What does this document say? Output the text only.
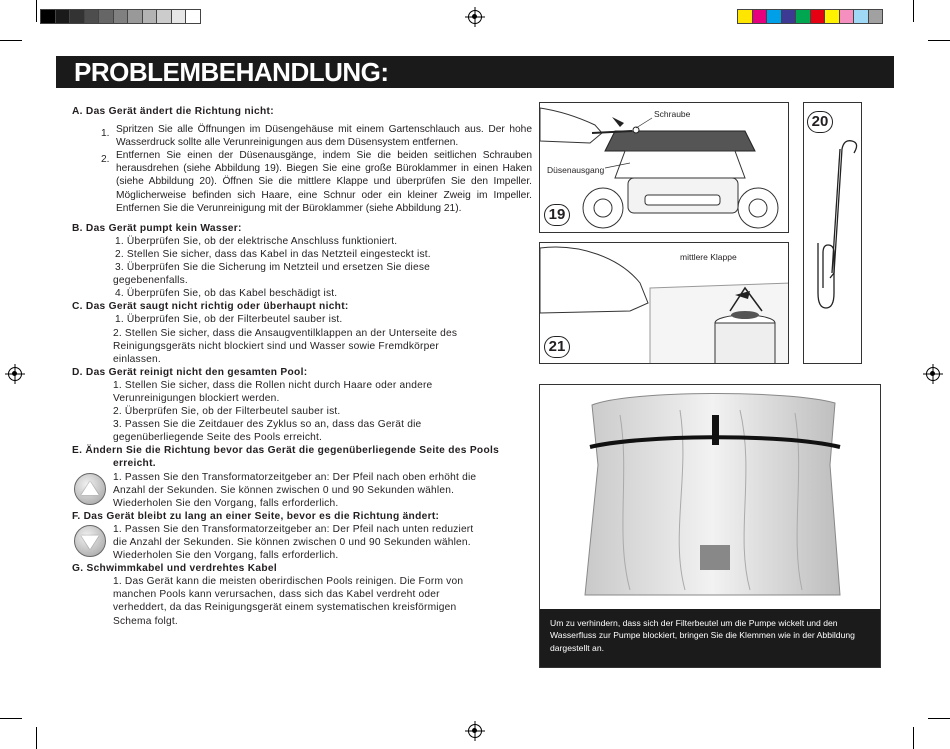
PROBLEMBEHANDLUNG:
A. Das Gerät ändert die Richtung nicht:
1. Spritzen Sie alle Öffnungen im Düsengehäuse mit einem Gartenschlauch aus. Der hohe Wasserdruck sollte alle Verunreinigungen aus dem Düsensystem entfernen.
2. Entfernen Sie einen der Düsenausgänge, indem Sie die beiden seitlichen Schrauben herausdrehen (siehe Abbildung 19). Biegen Sie eine große Büroklammer in einen Haken (siehe Abbildung 20). Öffnen Sie die mittlere Klappe und überprüfen Sie den Impeller. Möglicherweise befinden sich Haare, eine Schnur oder ein kleiner Zweig im Impeller. Entfernen Sie die Verunreinigung mit der Büroklammer (siehe Abbildung 21).
B. Das Gerät pumpt kein Wasser:
1. Überprüfen Sie, ob der elektrische Anschluss funktioniert.
2. Stellen Sie sicher, dass das Kabel in das Netzteil eingesteckt ist.
3. Überprüfen Sie die Sicherung im Netzteil und ersetzen Sie diese
gegebenenfalls.
4. Überprüfen Sie, ob das Kabel beschädigt ist.
C. Das Gerät saugt nicht richtig oder überhaupt nicht:
1. Überprüfen Sie, ob der Filterbeutel sauber ist.
2. Stellen Sie sicher, dass die Ansaugventilklappen an der Unterseite des
Reinigungsgeräts nicht blockiert sind und Wasser sowie Fremdkörper
einlassen.
D. Das Gerät reinigt nicht den gesamten Pool:
1. Stellen Sie sicher, dass die Rollen nicht durch Haare oder andere
Verunreinigungen blockiert werden.
2. Überprüfen Sie, ob der Filterbeutel sauber ist.
3. Passen Sie die Zeitdauer des Zyklus so an, dass das Gerät die
gegenüberliegende Seite des Pools erreicht.
E. Ändern Sie die Richtung bevor das Gerät die gegenüberliegende Seite des Pools erreicht.
1. Passen Sie den Transformatorzeitgeber an: Der Pfeil nach oben erhöht die
Anzahl der Sekunden. Sie können zwischen 0 und 90 Sekunden wählen.
Wiederholen Sie den Vorgang, falls erforderlich.
F. Das Gerät bleibt zu lang an einer Seite, bevor es die Richtung ändert:
1. Passen Sie den Transformatorzeitgeber an: Der Pfeil nach unten reduziert
die Anzahl der Sekunden. Sie können zwischen 0 und 90 Sekunden wählen.
Wiederholen Sie den Vorgang, falls erforderlich.
G. Schwimmkabel und verdrehtes Kabel
1. Das Gerät kann die meisten oberirdischen Pools reinigen. Die Form von
manchen Pools kann verursachen, dass sich das Kabel verdreht oder
verheddert, da das Reinigungsgerät einem systematischen kreisförmigen
Schema folgt.
Schraube
Düsenausgang
19
20
mittlere Klappe
21
Um zu verhindern, dass sich der Filterbeutel um die Pumpe wickelt und den Wasserfluss zur Pumpe blockiert, bringen Sie die Klemmen wie in der Abbildung dargestellt an.
